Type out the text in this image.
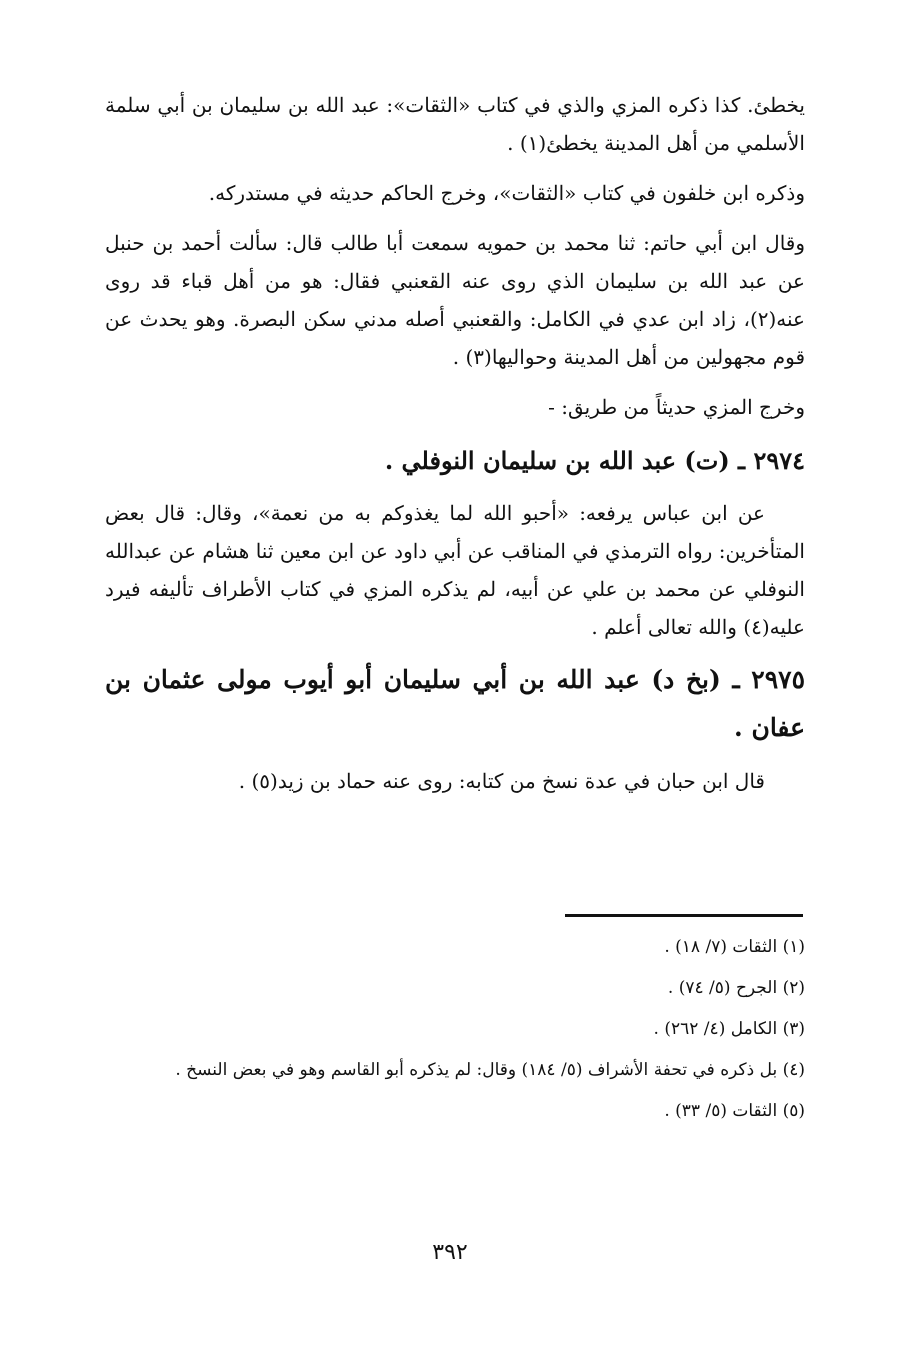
يخطئ. كذا ذكره المزي والذي في كتاب «الثقات»: عبد الله بن سليمان بن أبي سلمة الأسلمي من أهل المدينة يخطئ(١) .

وذكره ابن خلفون في كتاب «الثقات»، وخرج الحاكم حديثه في مستدركه.

وقال ابن أبي حاتم: ثنا محمد بن حمويه سمعت أبا طالب قال: سألت أحمد بن حنبل عن عبد الله بن سليمان الذي روى عنه القعنبي فقال: هو من أهل قباء قد روى عنه(٢)، زاد ابن عدي في الكامل: والقعنبي أصله مدني سكن البصرة. وهو يحدث عن قوم مجهولين من أهل المدينة وحواليها(٣) .

وخرج المزي حديثاً من طريق: -

٢٩٧٤ ـ (ت) عبد الله بن سليمان النوفلي .

عن ابن عباس يرفعه: «أحبو الله لما يغذوكم به من نعمة»، وقال: قال بعض المتأخرين: رواه الترمذي في المناقب عن أبي داود عن ابن معين ثنا هشام عن عبدالله النوفلي عن محمد بن علي عن أبيه، لم يذكره المزي في كتاب الأطراف تأليفه فيرد عليه(٤) والله تعالى أعلم .

٢٩٧٥ ـ (بخ د) عبد الله بن أبي سليمان أبو أيوب مولى عثمان بن عفان .

قال ابن حبان في عدة نسخ من كتابه: روى عنه حماد بن زيد(٥) .

(١) الثقات (٧/ ١٨) .
(٢) الجرح (٥/ ٧٤) .
(٣) الكامل (٤/ ٢٦٢) .
(٤) بل ذكره في تحفة الأشراف (٥/ ١٨٤) وقال: لم يذكره أبو القاسم وهو في بعض النسخ .
(٥) الثقات (٥/ ٣٣) .
٣٩٢
